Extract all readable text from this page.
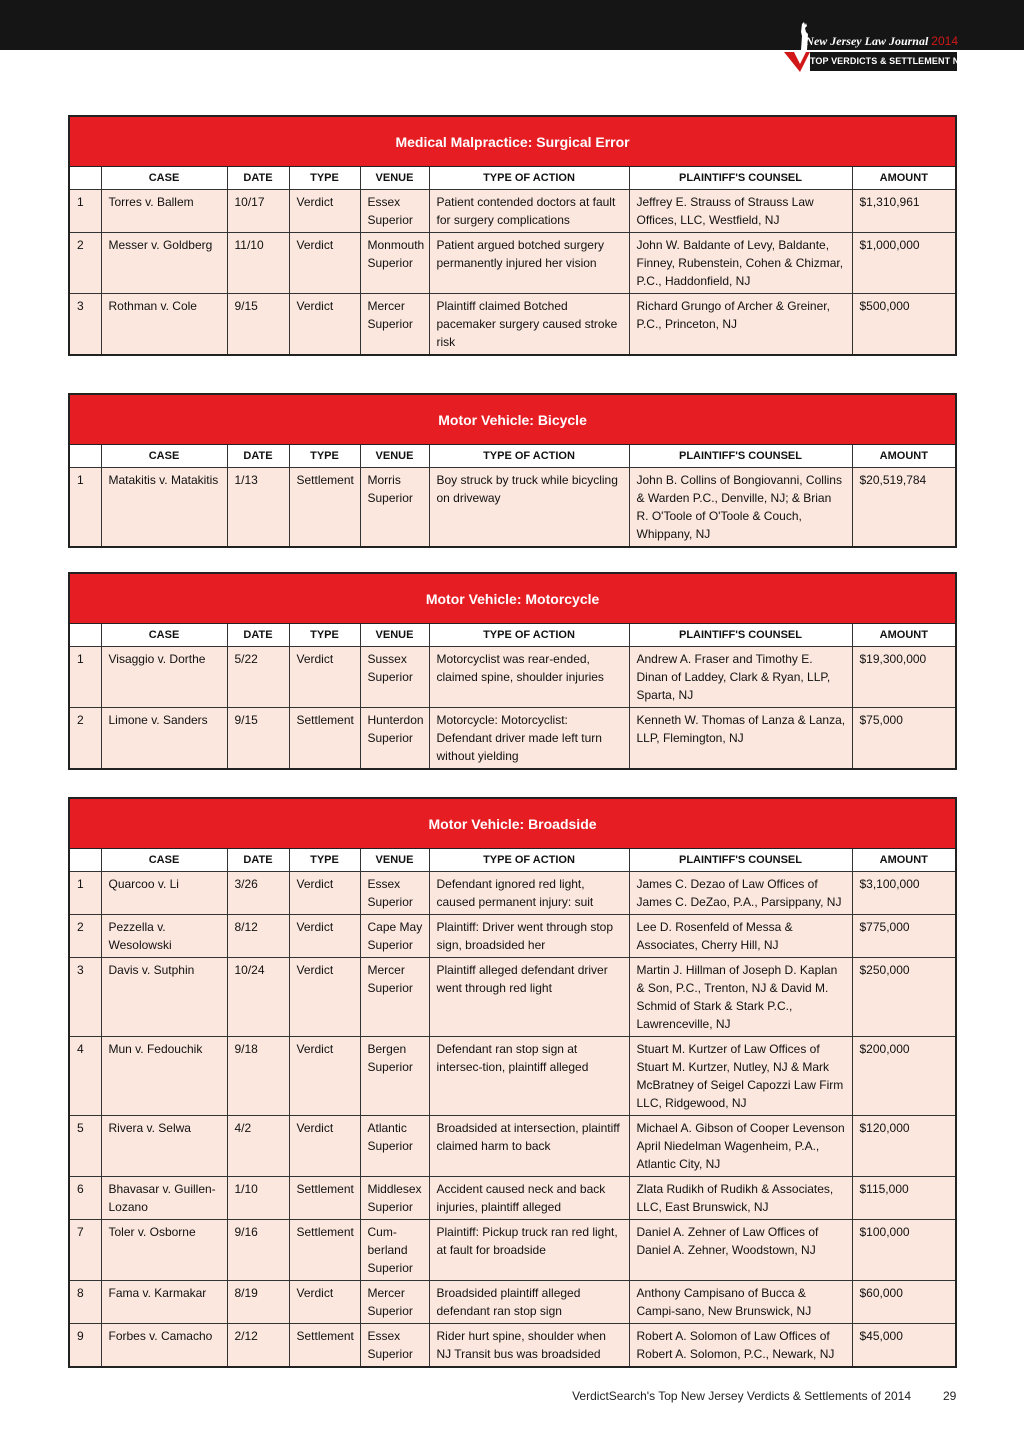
New Jersey Law Journal 2014
TOP VERDICTS & SETTLEMENT NJ
Medical Malpractice: Surgical Error							
	CASE	DATE	TYPE	VENUE	TYPE OF ACTION	PLAINTIFF'S COUNSEL	AMOUNT
1	Torres v. Ballem	10/17	Verdict	Essex Superior	Patient contended doctors at fault for surgery complications	Jeffrey E. Strauss of Strauss Law Offices, LLC, Westfield, NJ	$1,310,961
2	Messer v. Goldberg	11/10	Verdict	Monmouth Superior	Patient argued botched surgery permanently injured her vision	John W. Baldante of Levy, Baldante, Finney, Rubenstein, Cohen & Chizmar, P.C., Haddonfield, NJ	$1,000,000
3	Rothman v. Cole	9/15	Verdict	Mercer Superior	Plaintiff claimed Botched pacemaker surgery caused stroke risk	Richard Grungo of Archer & Greiner, P.C., Princeton, NJ	$500,000
Motor Vehicle: Bicycle							
	CASE	DATE	TYPE	VENUE	TYPE OF ACTION	PLAINTIFF'S COUNSEL	AMOUNT
1	Matakitis v. Matakitis	1/13	Settlement	Morris Superior	Boy struck by truck while bicycling on driveway	John B. Collins of Bongiovanni, Collins & Warden P.C., Denville, NJ; & Brian R. O'Toole of O'Toole & Couch, Whippany, NJ	$20,519,784
Motor Vehicle: Motorcycle							
	CASE	DATE	TYPE	VENUE	TYPE OF ACTION	PLAINTIFF'S COUNSEL	AMOUNT
1	Visaggio v. Dorthe	5/22	Verdict	Sussex Superior	Motorcyclist was rear-ended, claimed spine, shoulder injuries	Andrew A. Fraser and Timothy E. Dinan of Laddey, Clark & Ryan, LLP, Sparta, NJ	$19,300,000
2	Limone v. Sanders	9/15	Settlement	Hunterdon Superior	Motorcycle: Motorcyclist: Defendant driver made left turn without yielding	Kenneth W. Thomas of Lanza & Lanza, LLP, Flemington, NJ	$75,000
Motor Vehicle: Broadside							
	CASE	DATE	TYPE	VENUE	TYPE OF ACTION	PLAINTIFF'S COUNSEL	AMOUNT
1	Quarcoo v. Li	3/26	Verdict	Essex Superior	Defendant ignored red light, caused permanent injury: suit	James C. Dezao of Law Offices of James C. DeZao, P.A., Parsippany, NJ	$3,100,000
2	Pezzella v. Wesolowski	8/12	Verdict	Cape May Superior	Plaintiff: Driver went through stop sign, broadsided her	Lee D. Rosenfeld of Messa & Associates, Cherry Hill, NJ	$775,000
3	Davis v. Sutphin	10/24	Verdict	Mercer Superior	Plaintiff alleged defendant driver went through red light	Martin J. Hillman of Joseph D. Kaplan & Son, P.C., Trenton, NJ & David M. Schmid of Stark & Stark P.C., Lawrenceville, NJ	$250,000
4	Mun v. Fedouchik	9/18	Verdict	Bergen Superior	Defendant ran stop sign at intersec-tion, plaintiff alleged	Stuart M. Kurtzer of Law Offices of Stuart M. Kurtzer, Nutley, NJ & Mark McBratney of Seigel Capozzi Law Firm LLC, Ridgewood, NJ	$200,000
5	Rivera v. Selwa	4/2	Verdict	Atlantic Superior	Broadsided at intersection, plaintiff claimed harm to back	Michael A. Gibson of Cooper Levenson April Niedelman Wagenheim, P.A., Atlantic City, NJ	$120,000
6	Bhavasar v. Guillen-Lozano	1/10	Settlement	Middlesex Superior	Accident caused neck and back injuries, plaintiff alleged	Zlata Rudikh of Rudikh & Associates, LLC, East Brunswick, NJ	$115,000
7	Toler v. Osborne	9/16	Settlement	Cum-berland Superior	Plaintiff: Pickup truck ran red light, at fault for broadside	Daniel A. Zehner of Law Offices of Daniel A. Zehner, Woodstown, NJ	$100,000
8	Fama v. Karmakar	8/19	Verdict	Mercer Superior	Broadsided plaintiff alleged defendant ran stop sign	Anthony Campisano of Bucca & Campi-sano, New Brunswick, NJ	$60,000
9	Forbes v. Camacho	2/12	Settlement	Essex Superior	Rider hurt spine, shoulder when NJ Transit bus was broadsided	Robert A. Solomon of Law Offices of Robert A. Solomon, P.C., Newark, NJ	$45,000
VerdictSearch's Top New Jersey Verdicts & Settlements of 2014	29
